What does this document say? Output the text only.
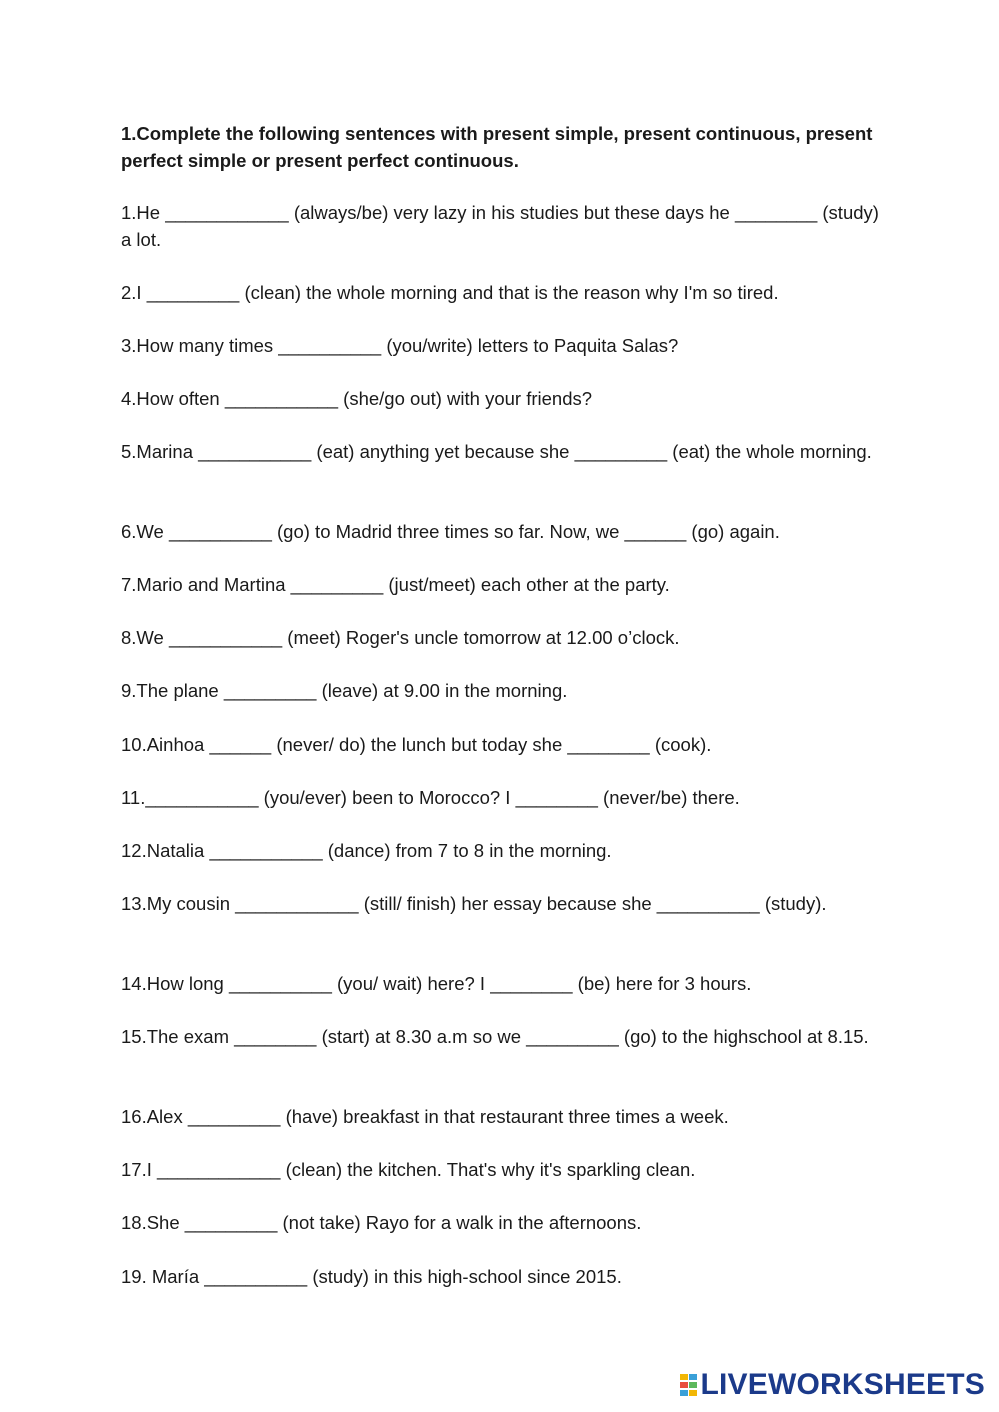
1.Complete the following sentences with present simple, present continuous, present perfect simple or present perfect continuous.

1.He ____________ (always/be) very lazy in his studies but these days he ________ (study) a lot.

2.I _________ (clean) the whole morning and that is the reason why I'm so tired.

3.How many times __________ (you/write) letters to Paquita Salas?

4.How often ___________ (she/go out) with your friends?

5.Marina ___________ (eat) anything yet because she _________ (eat) the whole morning.

6.We __________ (go) to Madrid three times so far. Now, we ______ (go) again.

7.Mario and Martina _________ (just/meet) each other at the party.

8.We ___________ (meet) Roger's uncle tomorrow at 12.00 o’clock.

9.The plane _________ (leave) at 9.00 in the morning.

10.Ainhoa ______ (never/ do) the lunch but today she ________ (cook).

11.___________ (you/ever) been to Morocco? I ________ (never/be) there.

12.Natalia ___________ (dance) from 7 to 8 in the morning.

13.My cousin ____________ (still/ finish) her essay because she __________ (study).

14.How long __________ (you/ wait) here? I ________ (be) here for 3 hours.

15.The exam ________ (start) at 8.30 a.m so we _________ (go) to the highschool at 8.15.

16.Alex _________ (have) breakfast in that restaurant three times a week.

17.I ____________ (clean) the kitchen. That's why it's sparkling clean.

18.She _________ (not take) Rayo for a walk in the afternoons.

19. María __________ (study) in this high-school since 2015.

LIVEWORKSHEETS
